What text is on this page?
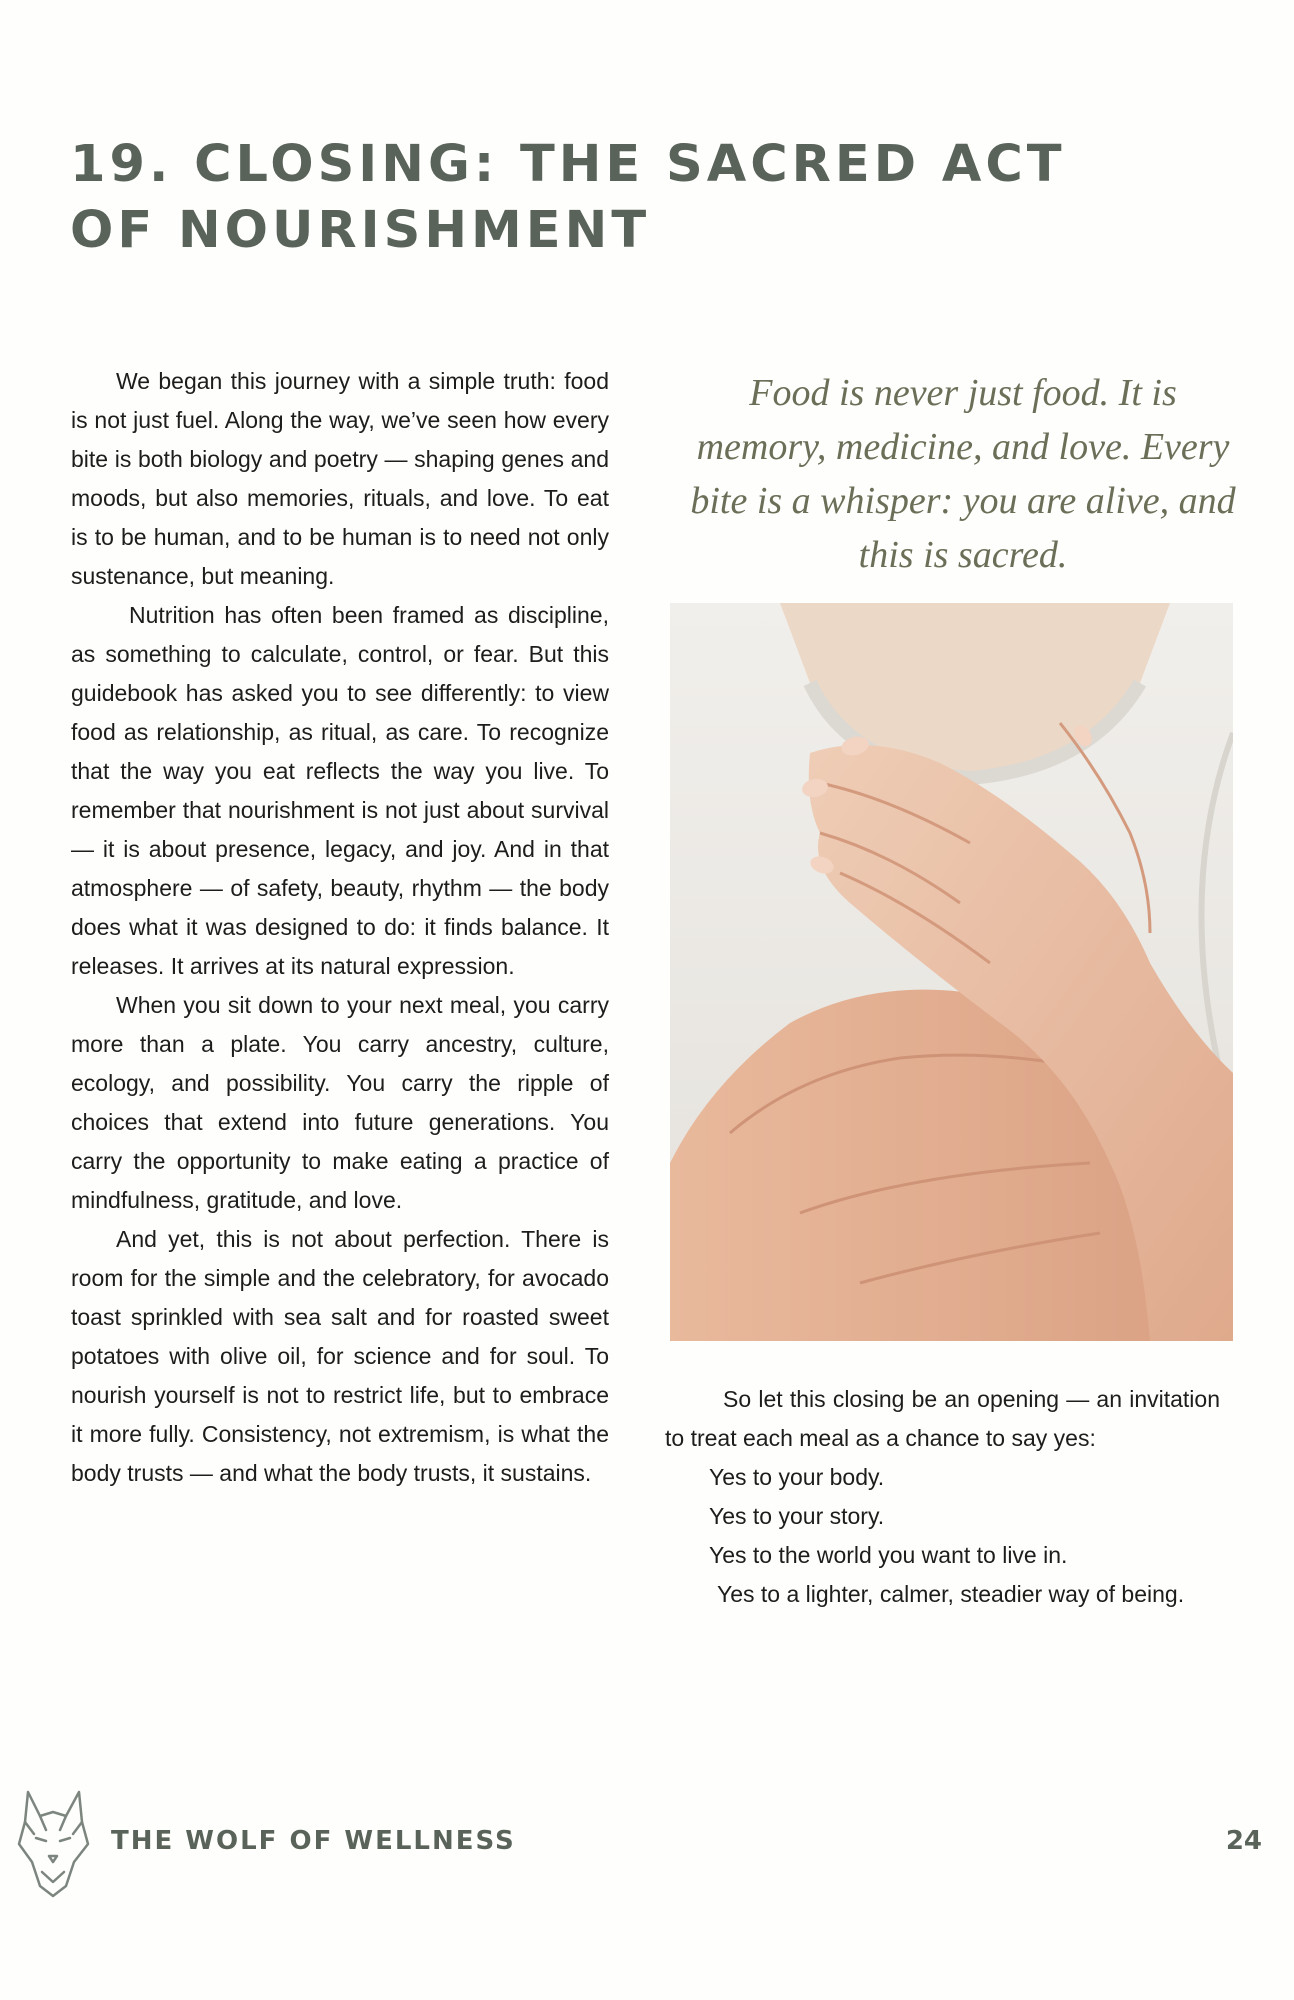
19. CLOSING: THE SACRED ACT OF NOURISHMENT

We began this journey with a simple truth: food is not just fuel. Along the way, we’ve seen how every bite is both biology and poetry — shaping genes and moods, but also memories, rituals, and love. To eat is to be human, and to be human is to need not only sustenance, but meaning.

Nutrition has often been framed as discipline, as something to calculate, control, or fear. But this guidebook has asked you to see differently: to view food as relationship, as ritual, as care. To recognize that the way you eat reflects the way you live. To remember that nourishment is not just about survival — it is about presence, legacy, and joy. And in that atmosphere — of safety, beauty, rhythm — the body does what it was designed to do: it finds balance. It releases. It arrives at its natural expression.

When you sit down to your next meal, you carry more than a plate. You carry ancestry, culture, ecology, and possibility. You carry the ripple of choices that extend into future generations. You carry the opportunity to make eating a practice of mindfulness, gratitude, and love.

And yet, this is not about perfection. There is room for the simple and the celebratory, for avocado toast sprinkled with sea salt and for roasted sweet potatoes with olive oil, for science and for soul. To nourish yourself is not to restrict life, but to embrace it more fully. Consistency, not extremism, is what the body trusts — and what the body trusts, it sustains.

Food is never just food. It is memory, medicine, and love. Every bite is a whisper: you are alive, and this is sacred.

So let this closing be an opening — an invitation to treat each meal as a chance to say yes:

Yes to your body.

Yes to your story.

Yes to the world you want to live in.

Yes to a lighter, calmer, steadier way of being.

THE WOLF OF WELLNESS	24
